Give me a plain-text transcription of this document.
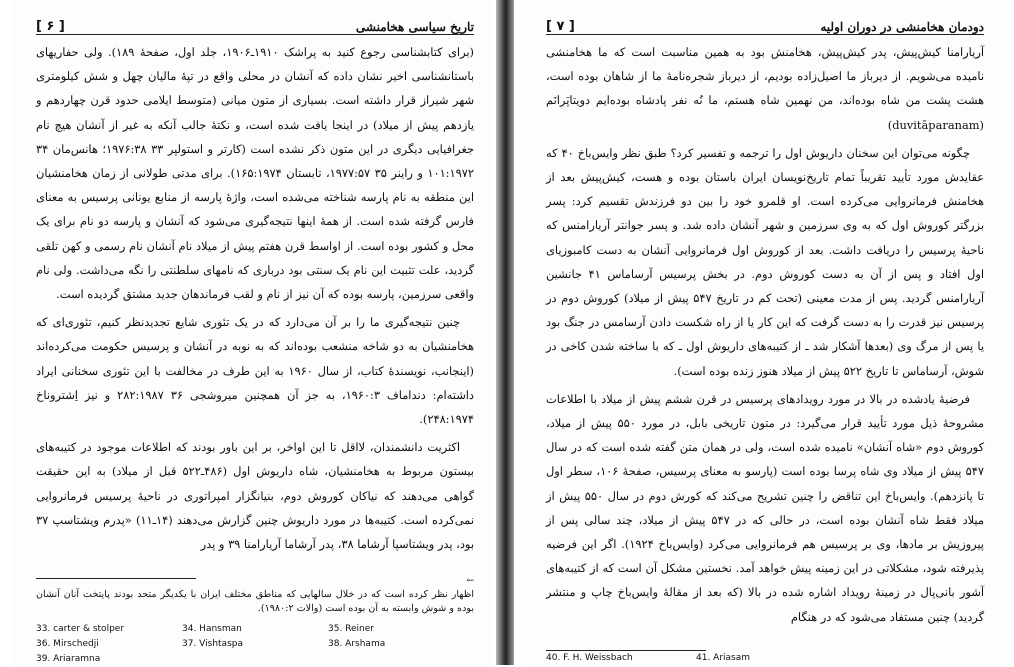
تاریخ سیاسی هخامنشی
[ ۶ ]

(برای کتابشناسی رجوع کنید به پراشک ۱۹۱۰ـ۱۹۰۶، جلد اول، صفحهٔ ۱۸۹). ولی حفاریهای باستانشناسی اخیر نشان داده که آنشان در محلی واقع در تپهٔ مالیان چهل و شش کیلومتری شهر شیراز قرار داشته است. بسیاری از متون میانی (متوسط ایلامی حدود قرن چهاردهم و یازدهم پیش از میلاد) در اینجا یافت شده است، و نکتهٔ جالب آنکه به غیر از آنشان هیچ نام جغرافیایی دیگری در این متون ذکر نشده است (کارتر و استولپر ۳۳ ۱۹۷۶:۳۸؛ هانس‌مان ۳۴ ۱۰۱:۱۹۷۲ و راینر ۳۵ ۱۹۷۷:۵۷، تابستان ۱۶۵:۱۹۷۴). برای مدتی طولانی از زمان هخامنشیان این منطقه به نام پارسه شناخته می‌شده است، واژهٔ پارسه از منابع یونانی پرسیس به معنای فارس گرفته شده است. از همهٔ اینها نتیجه‌گیری می‌شود که آنشان و پارسه دو نام برای یک محل و کشور بوده است. از اواسط قرن هفتم پیش از میلاد نام آنشان نام رسمی و کهن تلقی گردید، علت تثبیت این نام یک سنتی بود درباری که نامهای سلطنتی را نگه می‌داشت. ولی نام واقعی سرزمین، پارسه بوده که آن نیز از نام و لقب فرماندهان جدید مشتق گردیده است.

چنین نتیجه‌گیری ما را بر آن می‌دارد که در یک تئوری شایع تجدیدنظر کنیم، تئوری‌ای که هخامنشیان به دو شاخه منشعب بوده‌اند که به نوبه در آنشان و پرسیس حکومت می‌کرده‌اند (اینجانب، نویسندهٔ کتاب، از سال ۱۹۶۰ به این طرف در مخالفت با این تئوری سخنانی ایراد داشته‌ام: دنداماف ۱۹۶۰:۳، به جز آن همچنین میروشجی ۳۶ ۲۸۲:۱۹۸۷ و نیز اِشتروناخ ۲۴۸:۱۹۷۴).

اکثریت دانشمندان، لااقل تا این اواخر، بر این باور بودند که اطلاعات موجود در کتیبه‌های بیستون مربوط به هخامنشیان، شاه داریوش اول (۴۸۶ـ۵۲۲ قبل از میلاد) به این حقیقت گواهی می‌دهند که نیاکان کوروش دوم، بنیانگزار امپراتوری در ناحیهٔ پرسیس فرمانروایی نمی‌کرده است. کتیبه‌ها در مورد داریوش چنین گزارش می‌دهند (۱۴ـ۱۱) «پدرم ویشتاسپ ۳۷ بود، پدر ویشتاسپا آرشاما ۳۸، پدر آرشاما آریارامنا ۳۹ و پدر

←
اظهار نظر کرده است که در خلال سالهایی که مناطق مختلف ایران با یکدیگر متحد بودند پایتخت آنان آنشان بوده و شوش وابسته به آن بوده است (والات ۱۹۸۰:۲).
33. carter & stolper	34. Hansman	35. Reiner
36. Mirschedji	37. Vishtaspa	38. Arshama
39. Ariaramna
دودمان هخامنشی در دوران اولیه
[ ۷ ]

آریارامنا کیش‌پیش، پدر کیش‌پیش، هخامنش بود به همین مناسبت است که ما هخامنشی نامیده می‌شویم. از دیرباز ما اصیل‌زاده بودیم، از دیرباز شجره‌نامهٔ ما از شاهان بوده است، هشت پشت من شاه بوده‌اند، من نهمین شاه هستم، ما نُه نفر پادشاه بوده‌ایم دویتاپَرانَم (duvitāparanam)

چگونه می‌توان این سخنان داریوش اول را ترجمه و تفسیر کرد؟ طبق نظر وایس‌باخ ۴۰ که عقایدش مورد تأیید تقریباً تمام تاریخ‌نویسان ایران باستان بوده و هست، کیش‌پیش بعد از هخامنش فرمانروایی می‌کرده است. او قلمرو خود را بین دو فرزندش تقسیم کرد: پسر بزرگتر کوروش اول که به وی سرزمین و شهر آنشان داده شد. و پسر جوانتر آریارامنس که ناحیهٔ پرسیس را دریافت داشت. بعد از کوروش اول فرمانروایی آنشان به دست کامبوزیای اول افتاد و پس از آن به دست کوروش دوم. در بخش پرسیس آرساماس ۴۱ جانشین آریارامنس گردید. پس از مدت معینی (تحت کم در تاریخ ۵۴۷ پیش از میلاد) کوروش دوم در پرسیس نیز قدرت را به دست گرفت که این کار یا از راه شکست دادن آرسامس در جنگ بود یا پس از مرگ وی (بعدها آشکار شد ـ از کتیبه‌های داریوش اول ـ که با ساخته شدن کاخی در شوش، آرساماس تا تاریخ ۵۲۲ پیش از میلاد هنوز زنده بوده است).

فرضیهٔ یادشده در بالا در مورد رویدادهای پرسیس در قرن ششم پیش از میلاد با اطلاعات مشروحهٔ ذیل مورد تأیید قرار می‌گیرد: در متون تاریخی بابل، در مورد ۵۵۰ پیش از میلاد، کوروش دوم «شاه آنشان» نامیده شده است، ولی در همان متن گفته شده است که در سال ۵۴۷ پیش از میلاد وی شاه پرسا بوده است (پارسو به معنای پرسیس، صفحهٔ ۱۰۶، سطر اول تا پانزدهم). وایس‌باخ این تناقض را چنین تشریح می‌کند که کورش دوم در سال ۵۵۰ پیش از میلاد فقط شاه آنشان بوده است، در حالی که در ۵۴۷ پیش از میلاد، چند سالی پس از پیروزیش بر مادها، وی بر پرسیس هم فرمانروایی می‌کرد (وایس‌باخ ۱۹۲۴). اگر این فرضیه پذیرفته شود، مشکلاتی در این زمینه پیش خواهد آمد. نخستین مشکل آن است که از کتیبه‌های آشور بانی‌پال در زمینهٔ رویداد اشاره شده در بالا (که بعد از مقالهٔ وایس‌باخ چاپ و منتشر گردید) چنین مستفاد می‌شود که در هنگام

40. F. H. Weissbach	41. Ariasam
